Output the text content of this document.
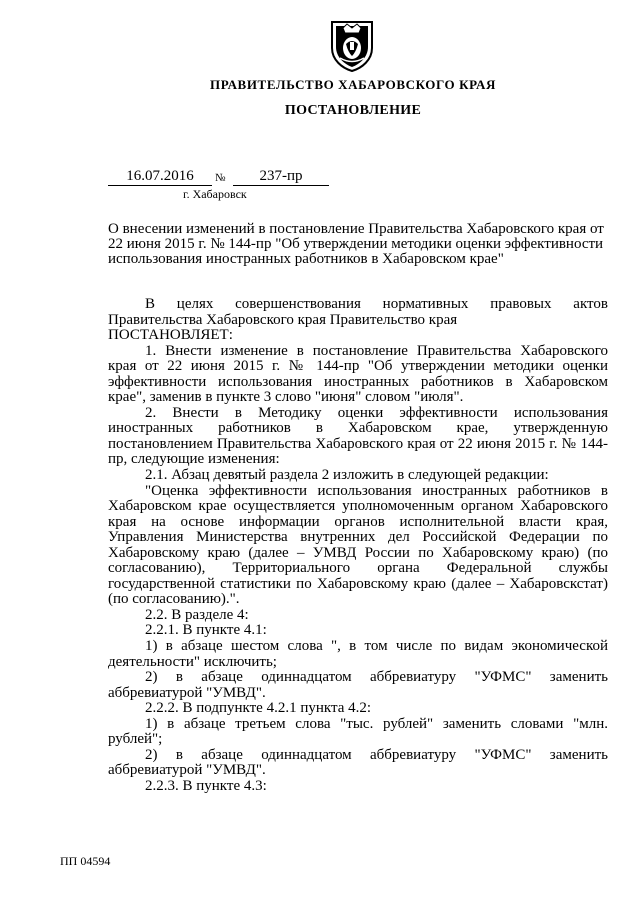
ПРАВИТЕЛЬСТВО ХАБАРОВСКОГО КРАЯ
ПОСТАНОВЛЕНИЕ
16.07.2016	№	237-пр
г. Хабаровск
О внесении изменений в постановление Правительства Хабаровского края от
22 июня 2015 г. № 144-пр "Об утверждении методики оценки эффективности
использования иностранных работников в Хабаровском крае"

В целях совершенствования нормативных правовых актов Правительства Хабаровского края Правительство края

ПОСТАНОВЛЯЕТ:

1. Внести изменение в постановление Правительства Хабаровского края от 22 июня 2015 г. № 144-пр "Об утверждении методики оценки эффективности использования иностранных работников в Хабаровском крае", заменив в пункте 3 слово "июня" словом "июля".

2. Внести в Методику оценки эффективности использования иностранных работников в Хабаровском крае, утвержденную постановлением Правительства Хабаровского края от 22 июня 2015 г. № 144-пр, следующие изменения:

2.1. Абзац девятый раздела 2 изложить в следующей редакции:

"Оценка эффективности использования иностранных работников в Хабаровском крае осуществляется уполномоченным органом Хабаровского края на основе информации органов исполнительной власти края, Управления Министерства внутренних дел Российской Федерации по Хабаровскому краю (далее – УМВД России по Хабаровскому краю) (по согласованию), Территориального органа Федеральной службы государственной статистики по Хабаровскому краю (далее – Хабаровскстат) (по согласованию).".

2.2. В разделе 4:

2.2.1. В пункте 4.1:

1) в абзаце шестом слова ", в том числе по видам экономической деятельности" исключить;

2) в абзаце одиннадцатом аббревиатуру "УФМС" заменить аббревиатурой "УМВД".

2.2.2. В подпункте 4.2.1 пункта 4.2:

1) в абзаце третьем слова "тыс. рублей" заменить словами "млн. рублей";

2) в абзаце одиннадцатом аббревиатуру "УФМС" заменить аббревиатурой "УМВД".

2.2.3. В пункте 4.3:

ПП 04594
